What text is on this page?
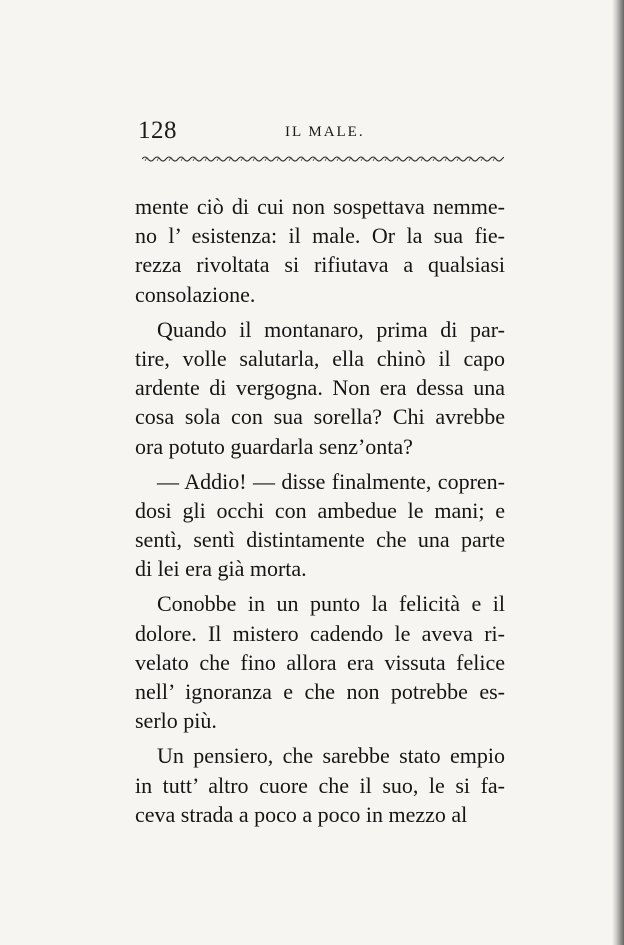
128	IL MALE.
mente ciò di cui non sospettava nemme-
no l’ esistenza: il male. Or la sua fie-
rezza rivoltata si rifiutava a qualsiasi
consolazione.
Quando il montanaro, prima di par-
tire, volle salutarla, ella chinò il capo
ardente di vergogna. Non era dessa una
cosa sola con sua sorella? Chi avrebbe
ora potuto guardarla senz’onta?
— Addio! — disse finalmente, copren-
dosi gli occhi con ambedue le mani; e
sentì, sentì distintamente che una parte
di lei era già morta.
Conobbe in un punto la felicità e il
dolore. Il mistero cadendo le aveva ri-
velato che fino allora era vissuta felice
nell’ ignoranza e che non potrebbe es-
serlo più.
Un pensiero, che sarebbe stato empio
in tutt’ altro cuore che il suo, le si fa-
ceva strada a poco a poco in mezzo al
